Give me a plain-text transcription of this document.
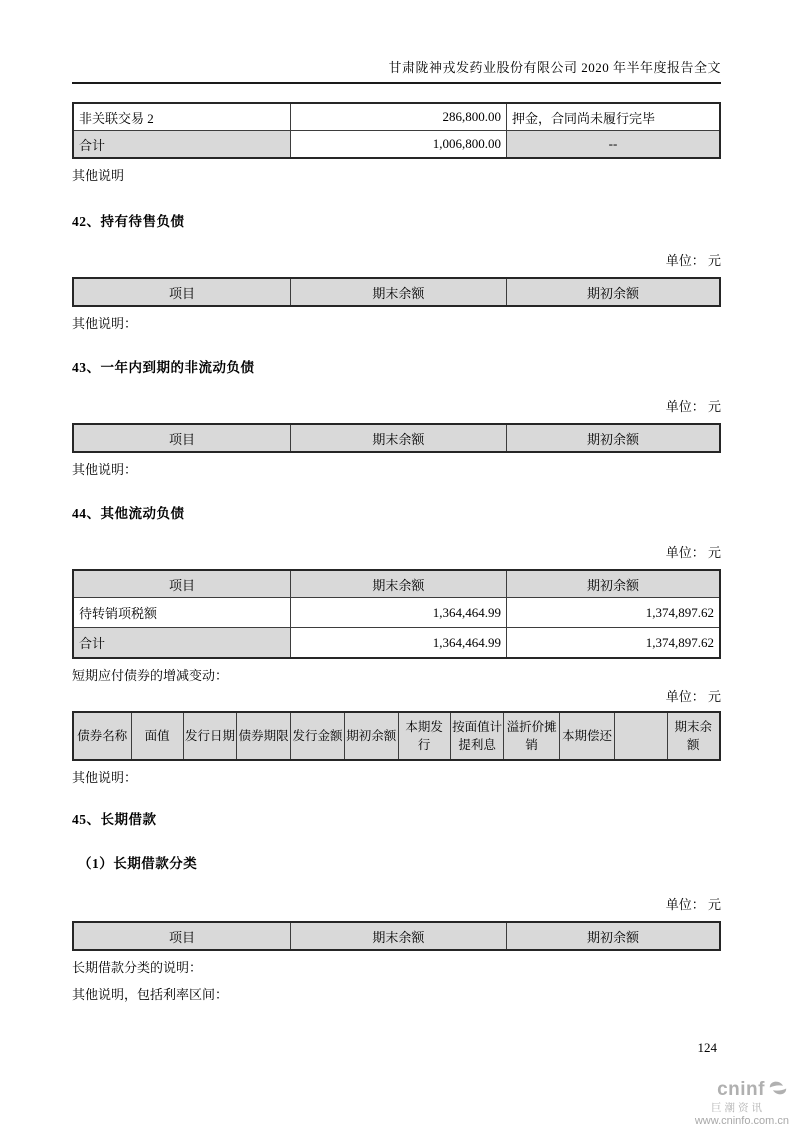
甘肃陇神戎发药业股份有限公司 2020 年半年度报告全文
非关联交易 2	286,800.00	押金，合同尚未履行完毕
合计	1,006,800.00	--
其他说明
42、持有待售负债
单位： 元
项目	期末余额	期初余额
其他说明：
43、一年内到期的非流动负债
单位： 元
项目	期末余额	期初余额
其他说明：
44、其他流动负债
单位： 元
项目	期末余额	期初余额
待转销项税额	1,364,464.99	1,374,897.62
合计	1,364,464.99	1,374,897.62
短期应付债券的增减变动：
单位： 元
债券名称	面值	发行日期	债券期限	发行金额	期初余额	本期发行	按面值计提利息	溢折价摊销	本期偿还		期末余额
其他说明：
45、长期借款
（1）长期借款分类
单位： 元
项目	期末余额	期初余额
长期借款分类的说明：
其他说明，包括利率区间：
124
cninf
巨潮资讯
www.cninfo.com.cn
